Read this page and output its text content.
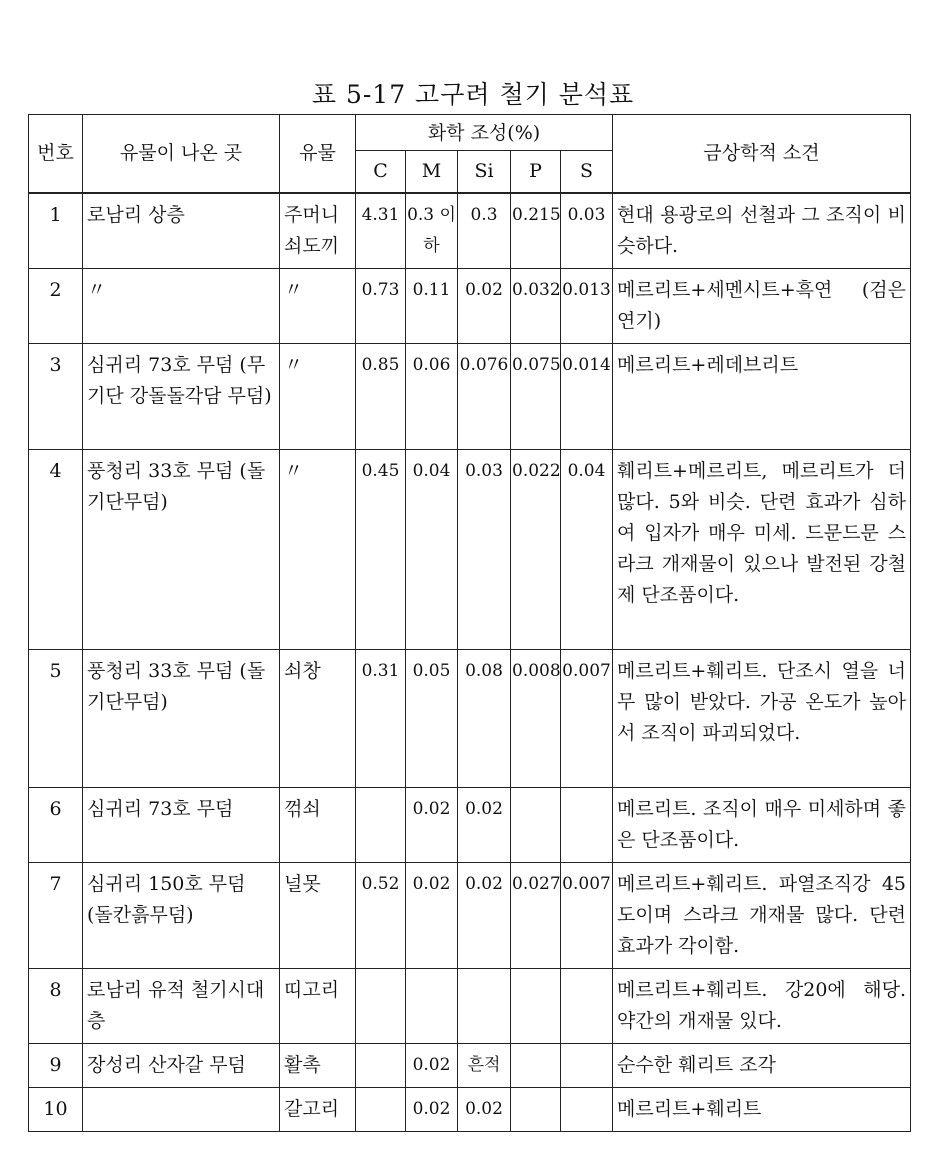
표 5-17 고구려 철기 분석표
번호	유물이 나온 곳	유물	화학 조성(%)					금상학적 소견
			C	M	Si	P	S	
1	로남리 상층	주머니쇠도끼	4.31	0.3 이하	0.3	0.215	0.03	현대 용광로의 선철과 그 조직이 비슷하다.
2	〃	〃	0.73	0.11	0.02	0.032	0.013	메르리트+세멘시트+흑연 (검은 연기)
3	심귀리 73호 무덤 (무기단 강돌돌각담 무덤)	〃	0.85	0.06	0.076	0.075	0.014	메르리트+레데브리트
4	풍청리 33호 무덤 (돌기단무덤)	〃	0.45	0.04	0.03	0.022	0.04	훼리트+메르리트, 메르리트가 더 많다. 5와 비슷. 단련 효과가 심하여 입자가 매우 미세. 드문드문 스라크 개재물이 있으나 발전된 강철제 단조품이다.
5	풍청리 33호 무덤 (돌기단무덤)	쇠창	0.31	0.05	0.08	0.008	0.007	메르리트+훼리트. 단조시 열을 너무 많이 받았다. 가공 온도가 높아서 조직이 파괴되었다.
6	심귀리 73호 무덤	꺾쇠		0.02	0.02			메르리트. 조직이 매우 미세하며 좋은 단조품이다.
7	심귀리 150호 무덤 (돌칸흙무덤)	널못	0.52	0.02	0.02	0.027	0.007	메르리트+훼리트. 파열조직강 45도이며 스라크 개재물 많다. 단련 효과가 각이함.
8	로남리 유적 철기시대층	띠고리						메르리트+훼리트. 강20에 해당. 약간의 개재물 있다.
9	장성리 산자갈 무덤	활촉		0.02	흔적			순수한 훼리트 조각
10		갈고리		0.02	0.02			메르리트+훼리트
